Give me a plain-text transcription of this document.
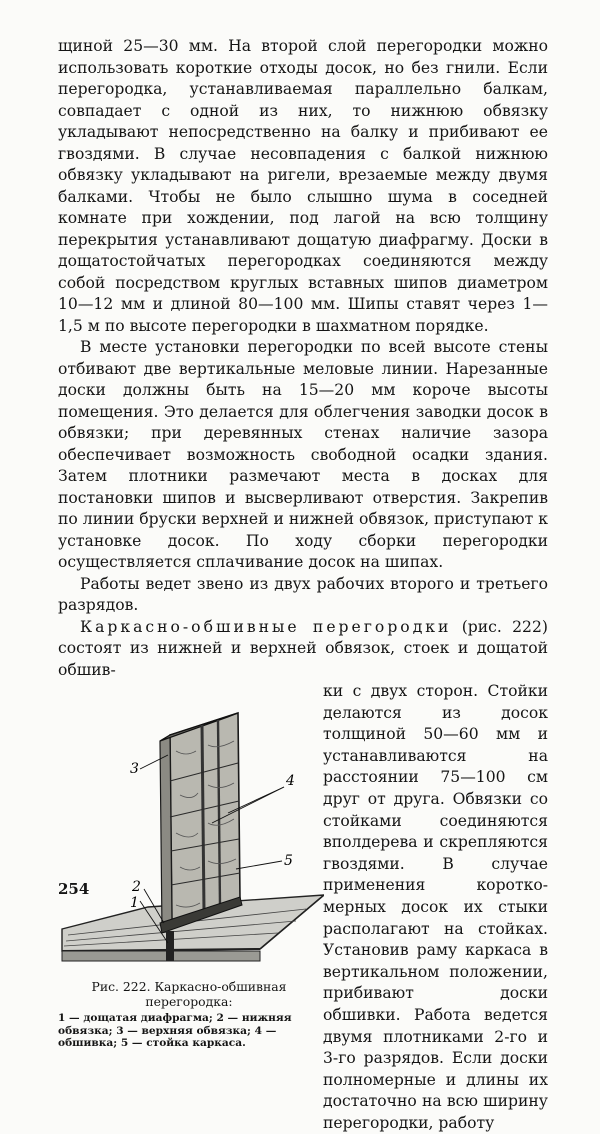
щиной 25—30 мм. На второй слой перегородки можно использовать короткие отходы досок, но без гнили. Если перегородка, устанавливаемая параллельно балкам, совпадает с одной из них, то нижнюю обвязку укладывают непосредственно на балку и прибивают ее гвоздями. В случае несовпадения с балкой нижнюю обвязку укладывают на ригели, врезаемые между двумя балками. Чтобы не было слышно шума в соседней комнате при хождении, под лагой на всю толщину перекрытия устанавливают дощатую диафрагму. Доски в дощатостойчатых перегородках соединяются между собой посредством круглых вставных шипов диаметром 10—12 мм и длиной 80—100 мм. Шипы ставят через 1—1,5 м по высоте перегородки в шахматном порядке.

В месте установки перегородки по всей высоте стены отбивают две вертикальные меловые линии. Нарезанные доски должны быть на 15—20 мм короче высоты помещения. Это делается для облегчения заводки досок в обвязки; при деревянных стенах наличие зазора обеспечивает возможность свободной осадки здания. Затем плотники размечают места в досках для постановки шипов и высверливают отверстия. Закрепив по линии бруски верхней и нижней обвязок, приступают к установке досок. По ходу сборки перегородки осуществляется сплачивание досок на шипах.

Работы ведет звено из двух рабочих второго и третьего разрядов.

Каркасно-обшивные перегородки (рис. 222) состоят из нижней и верхней обвязок, стоек и дощатой обшив-

ки с двух сторон. Стойки делаются из досок толщиной 50—60 мм и устанавливаются на расстоянии 75—100 см друг от друга. Обвязки со стойками соединяются вполдерева и скрепляются гвоздями. В случае применения короткомерных досок их стыки располагают на стойках. Установив раму каркаса в вертикальном положении, прибивают доски обшивки. Работа ведется двумя плотниками 2-го и 3-го разрядов. Если доски полномерные и длины их достаточно на всю ширину перегородки, работу

3
4
5
2
1
Рис. 222. Каркасно-обшивная перегородка:
1 — дощатая диафрагма; 2 — нижняя обвязка; 3 — верхняя обвязка; 4 — обшивка; 5 — стойка каркаса.
254
